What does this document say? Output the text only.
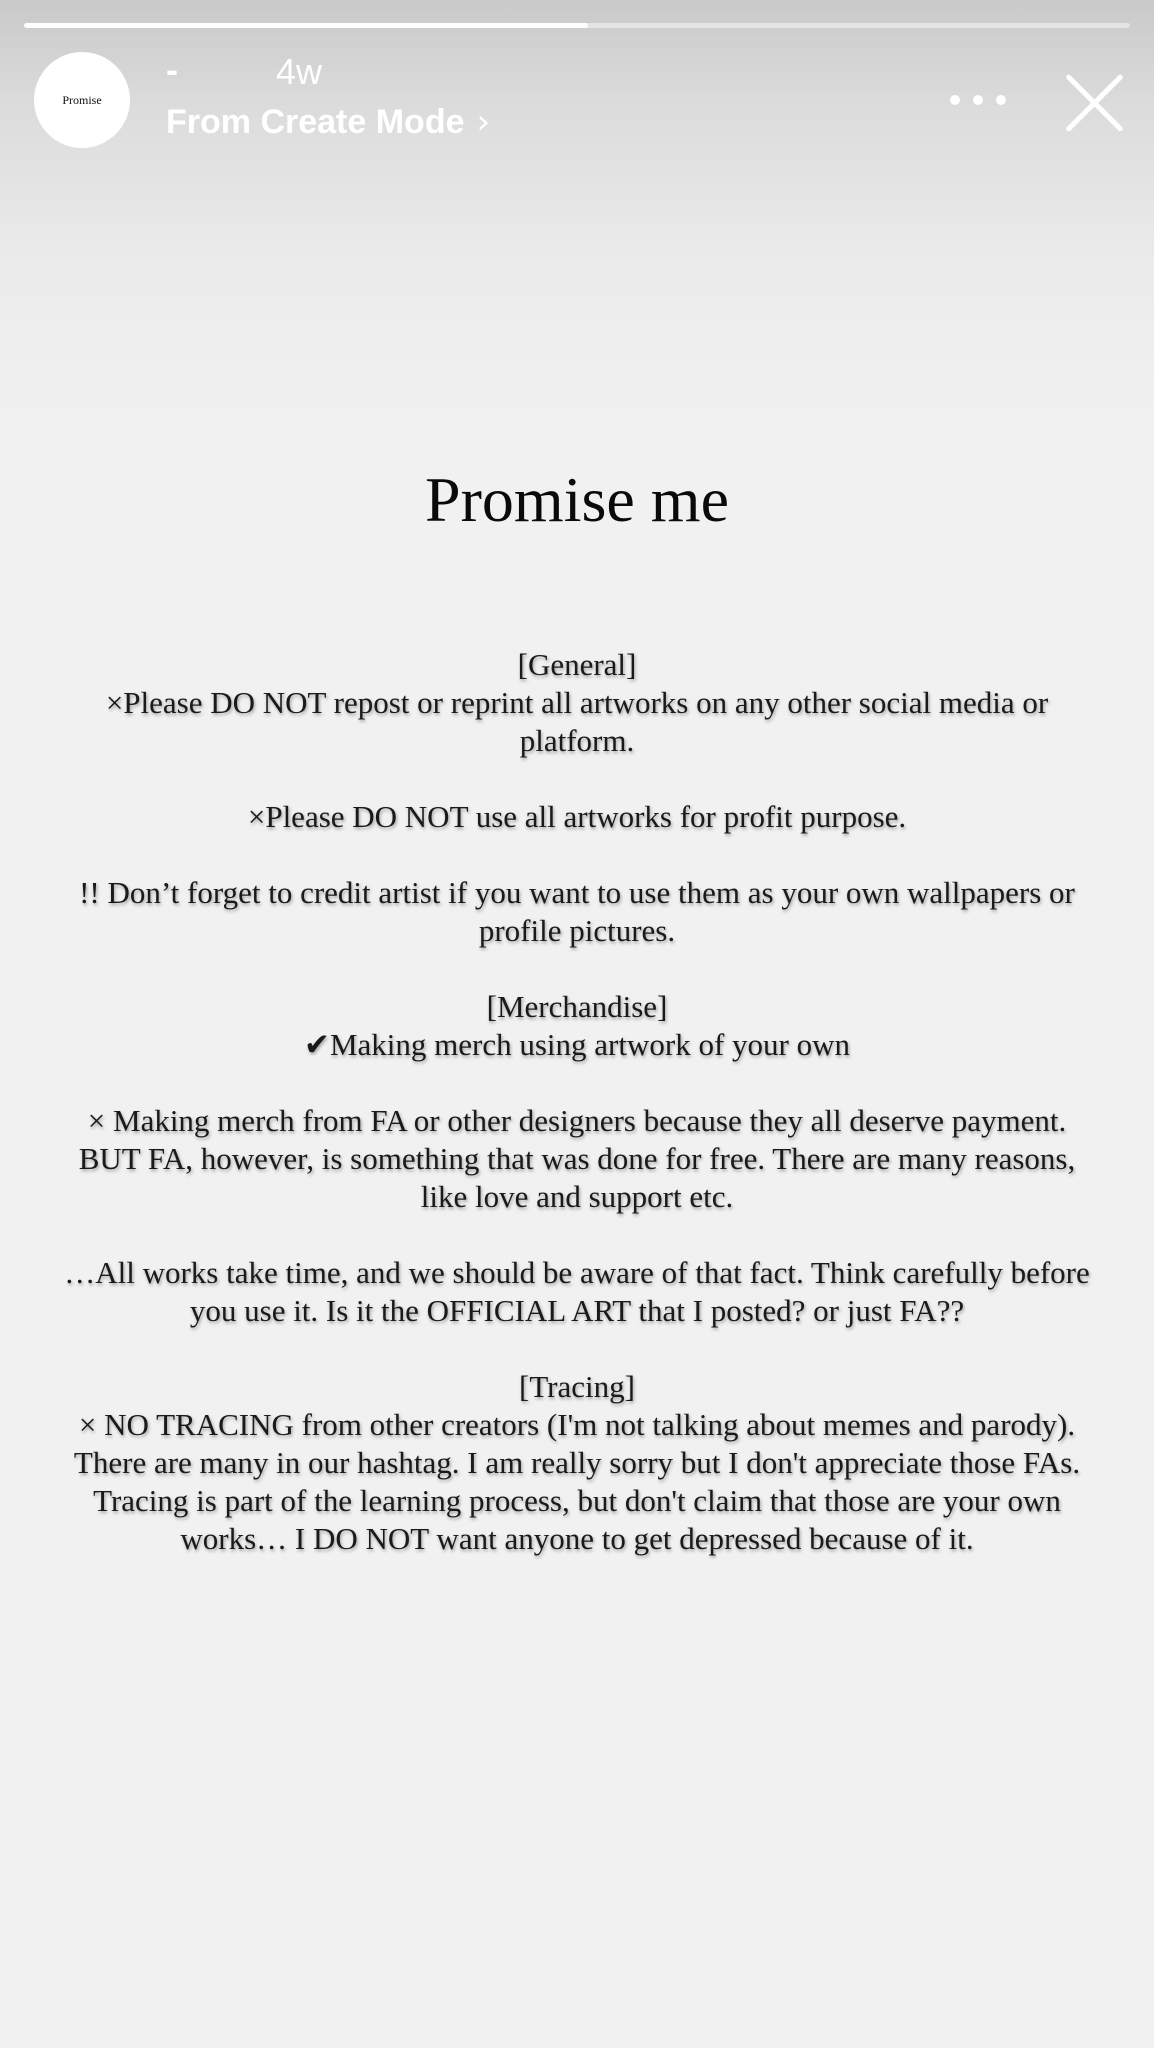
Promise
-	4w
From Create Mode ›
Promise me

[General]

×Please DO NOT repost or reprint all artworks on any other social media or platform.

×Please DO NOT use all artworks for profit purpose.

!! Don’t forget to credit artist if you want to use them as your own wallpapers or profile pictures.

[Merchandise]

✔Making merch using artwork of your own

× Making merch from FA or other designers because they all deserve payment. BUT FA, however, is something that was done for free. There are many reasons, like love and support etc.

…All works take time, and we should be aware of that fact. Think carefully before you use it. Is it the OFFICIAL ART that I posted? or just FA??

[Tracing]

× NO TRACING from other creators (I'm not talking about memes and parody). There are many in our hashtag. I am really sorry but I don't appreciate those FAs. Tracing is part of the learning process, but don't claim that those are your own works… I DO NOT want anyone to get depressed because of it.
